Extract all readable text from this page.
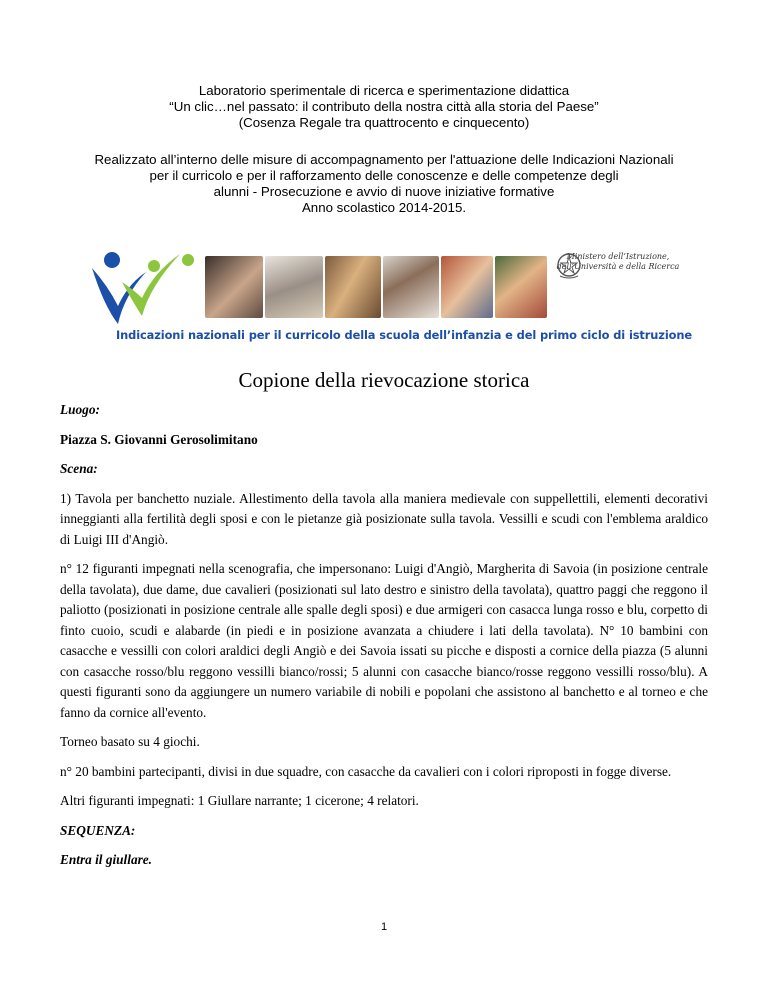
Laboratorio sperimentale di ricerca e sperimentazione didattica
“Un clic…nel passato: il contributo della nostra città alla storia del Paese”
(Cosenza Regale tra quattrocento e cinquecento)
Realizzato all’interno delle misure di accompagnamento per l'attuazione delle Indicazioni Nazionali
per il curricolo e per il rafforzamento delle conoscenze e delle competenze degli
alunni - Prosecuzione e avvio di nuove iniziative formative
Anno scolastico 2014-2015.
Ministero dell’Istruzione,
dell’Università e della Ricerca
Indicazioni nazionali per il curricolo della scuola dell’infanzia e del primo ciclo di istruzione
Copione della rievocazione storica

Luogo:

Piazza S. Giovanni Gerosolimitano

Scena:

1) Tavola per banchetto nuziale. Allestimento della tavola alla maniera medievale con suppellettili, elementi decorativi inneggianti alla fertilità degli sposi e con le pietanze già posizionate sulla tavola. Vessilli e scudi con l'emblema araldico di Luigi III d'Angiò.

n° 12 figuranti impegnati nella scenografia, che impersonano: Luigi d'Angiò, Margherita di Savoia (in posizione centrale della tavolata), due dame, due cavalieri (posizionati sul lato destro e sinistro della tavolata), quattro paggi che reggono il paliotto (posizionati in posizione centrale alle spalle degli sposi) e due armigeri con casacca lunga rosso e blu, corpetto di finto cuoio, scudi e alabarde (in piedi e in posizione avanzata a chiudere i lati della tavolata). N° 10 bambini con casacche e vessilli con colori araldici degli Angiò e dei Savoia issati su picche e disposti a cornice della piazza (5 alunni con casacche rosso/blu reggono vessilli bianco/rossi; 5 alunni con casacche bianco/rosse reggono vessilli rosso/blu). A questi figuranti sono da aggiungere un numero variabile di nobili e popolani che assistono al banchetto e al torneo e che fanno da cornice all'evento.

Torneo basato su 4 giochi.

n° 20 bambini partecipanti, divisi in due squadre, con casacche da cavalieri con i colori riproposti in fogge diverse.

Altri figuranti impegnati: 1 Giullare narrante; 1 cicerone; 4 relatori.

SEQUENZA:

Entra il giullare.

1
